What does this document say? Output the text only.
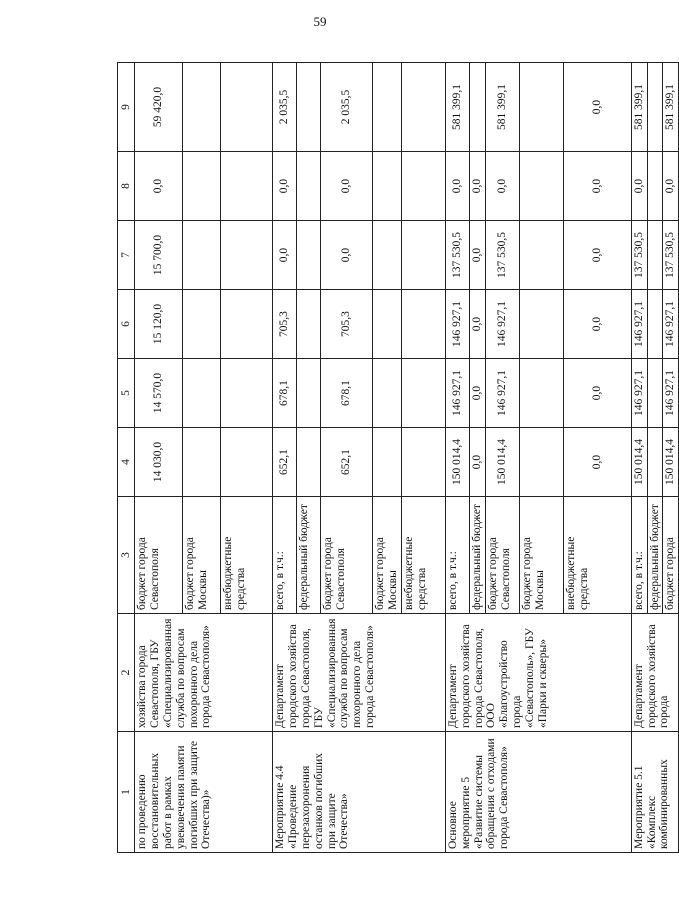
59
1	2	3	4	5	6	7	8	9
по проведению восстановительных работ в рамках увековечения памяти погибших при защите Отечества)»	хозяйства города Севастополя, ГБУ «Специализированная служба по вопросам похоронного дела города Севастополя»	бюджет города Севастополя	14 030,0	14 570,0	15 120,0	15 700,0	0,0	59 420,0
		бюджет города Москвы						
		внебюджетные средства						
Мероприятие 4.4 «Проведение перезахоронения останков погибших при защите Отечества»	Департамент городского хозяйства города Севастополя, ГБУ «Специализированная служба по вопросам похоронного дела города Севастополя»	всего, в т.ч.:	652,1	678,1	705,3	0,0	0,0	2 035,5
		федеральный бюджет						
		бюджет города Севастополя	652,1	678,1	705,3	0,0	0,0	2 035,5
		бюджет города Москвы						
		внебюджетные средства						
Основное мероприятие 5 «Развитие системы обращения с отходами города Севастополя»	Департамент городского хозяйства города Севастополя, ООО «Благоустройство города «Севастополь», ГБУ «Парки и скверы»	всего, в т.ч.:	150 014,4	146 927,1	146 927,1	137 530,5	0,0	581 399,1
		федеральный бюджет	0,0	0,0	0,0	0,0	0,0	
		бюджет города Севастополя	150 014,4	146 927,1	146 927,1	137 530,5	0,0	581 399,1
		бюджет города Москвы						
		внебюджетные средства	0,0	0,0	0,0	0,0	0,0	0,0
Мероприятие 5.1 «Комплекс комбинированных	Департамент городского хозяйства города	всего, в т.ч.:	150 014,4	146 927,1	146 927,1	137 530,5	0,0	581 399,1
		федеральный бюджет						
		бюджет города	150 014,4	146 927,1	146 927,1	137 530,5	0,0	581 399,1
